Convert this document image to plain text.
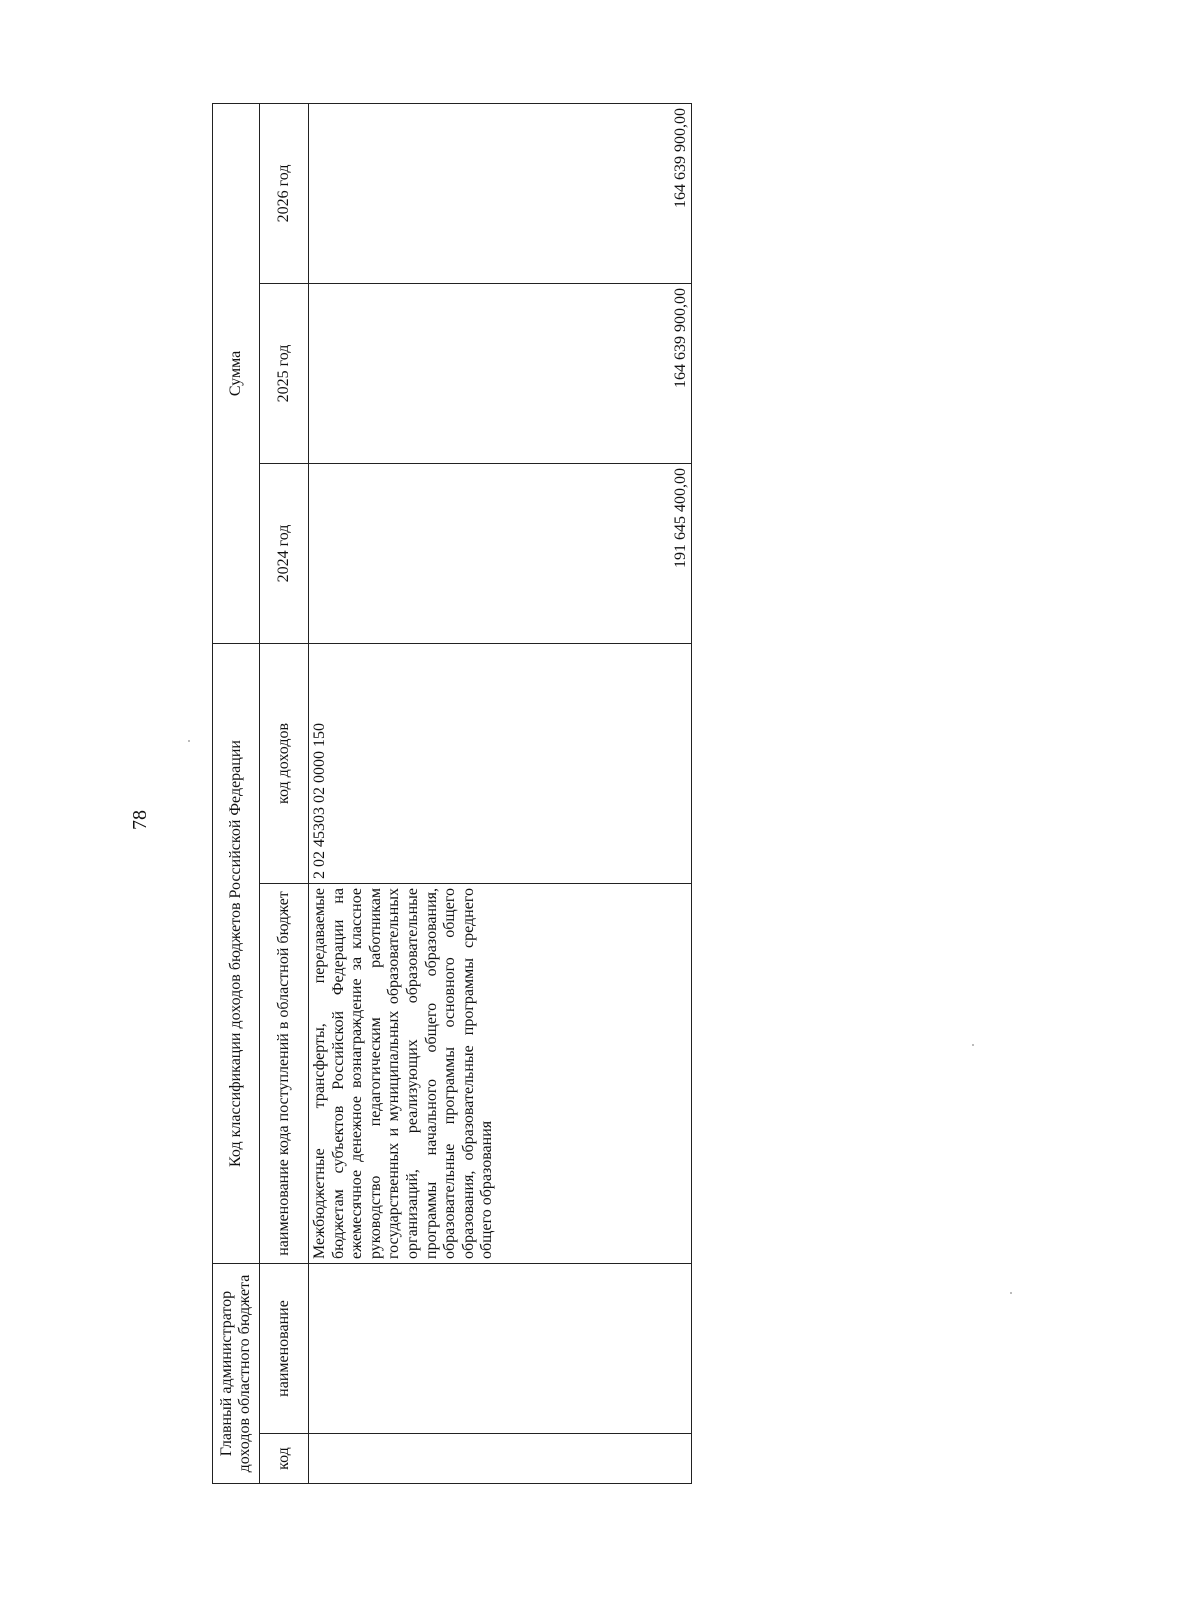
78
Главный администратор доходов областного бюджета		Код классификации доходов бюджетов Российской Федерации		Сумма		
код	наименование	наименование кода поступлений в областной бюджет	код доходов	2024 год	2025 год	2026 год
		Межбюджетные трансферты, передаваемые бюджетам субъектов Российской Федерации на ежемесячное денежное вознаграждение за классное руководство педагогическим работникам государственных и муниципальных образовательных организаций, реализующих образовательные программы начального общего образования, образовательные программы основного общего образования, образовательные программы среднего общего образования	2 02 45303 02 0000 150	191 645 400,00	164 639 900,00	164 639 900,00
